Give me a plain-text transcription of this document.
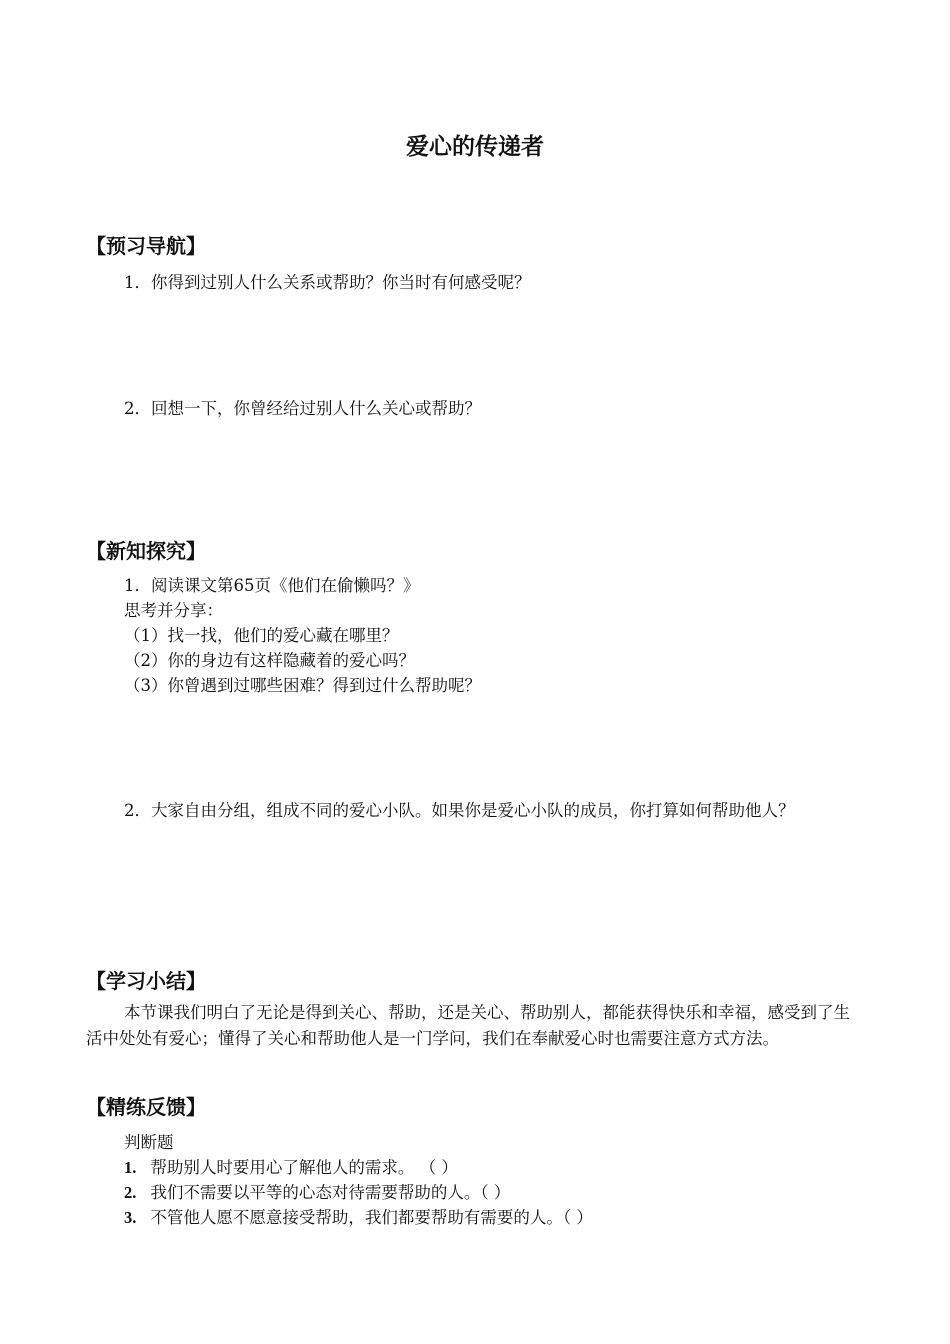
爱心的传递者
【预习导航】
1．你得到过别人什么关系或帮助？你当时有何感受呢？
2．回想一下，你曾经给过别人什么关心或帮助？
【新知探究】
1．阅读课文第65页《他们在偷懒吗？》
思考并分享：
（1）找一找，他们的爱心藏在哪里？
（2）你的身边有这样隐藏着的爱心吗？
（3）你曾遇到过哪些困难？得到过什么帮助呢？
2．大家自由分组，组成不同的爱心小队。如果你是爱心小队的成员，你打算如何帮助他人？
【学习小结】
本节课我们明白了无论是得到关心、帮助，还是关心、帮助别人，都能获得快乐和幸福，感受到了生活中处处有爱心；懂得了关心和帮助他人是一门学问，我们在奉献爱心时也需要注意方式方法。
【精练反馈】
判断题
1. 帮助别人时要用心了解他人的需求。 （ ）
2. 我们不需要以平等的心态对待需要帮助的人。（ ）
3. 不管他人愿不愿意接受帮助，我们都要帮助有需要的人。（ ）
